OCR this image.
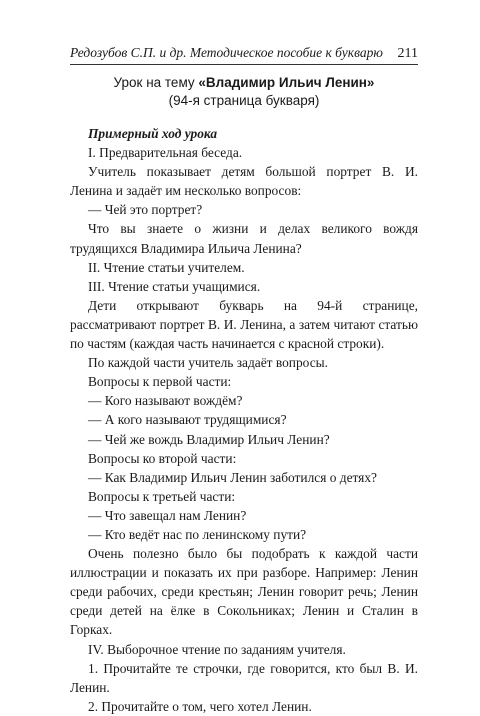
Редозубов С.П. и др. Методическое пособие к букварю 211
Урок на тему «Владимир Ильич Ленин»
(94-я страница букваря)
Примерный ход урока
I. Предварительная беседа.
Учитель показывает детям большой портрет В. И. Ленина и задаёт им несколько вопросов:
— Чей это портрет?
Что вы знаете о жизни и делах великого вождя трудящихся Владимира Ильича Ленина?
II. Чтение статьи учителем.
III. Чтение статьи учащимися.
Дети открывают букварь на 94-й странице, рассматривают портрет В. И. Ленина, а затем читают статью по частям (каждая часть начинается с красной строки).
По каждой части учитель задаёт вопросы.
Вопросы к первой части:
— Кого называют вождём?
— А кого называют трудящимися?
— Чей же вождь Владимир Ильич Ленин?
Вопросы ко второй части:
— Как Владимир Ильич Ленин заботился о детях?
Вопросы к третьей части:
— Что завещал нам Ленин?
— Кто ведёт нас по ленинскому пути?
Очень полезно было бы подобрать к каждой части иллюстрации и показать их при разборе. Например: Ленин среди рабочих, среди крестьян; Ленин говорит речь; Ленин среди детей на ёлке в Сокольниках; Ленин и Сталин в Горках.
IV. Выборочное чтение по заданиям учителя.
1. Прочитайте те строчки, где говорится, кто был В. И. Ленин.
2. Прочитайте о том, чего хотел Ленин.
